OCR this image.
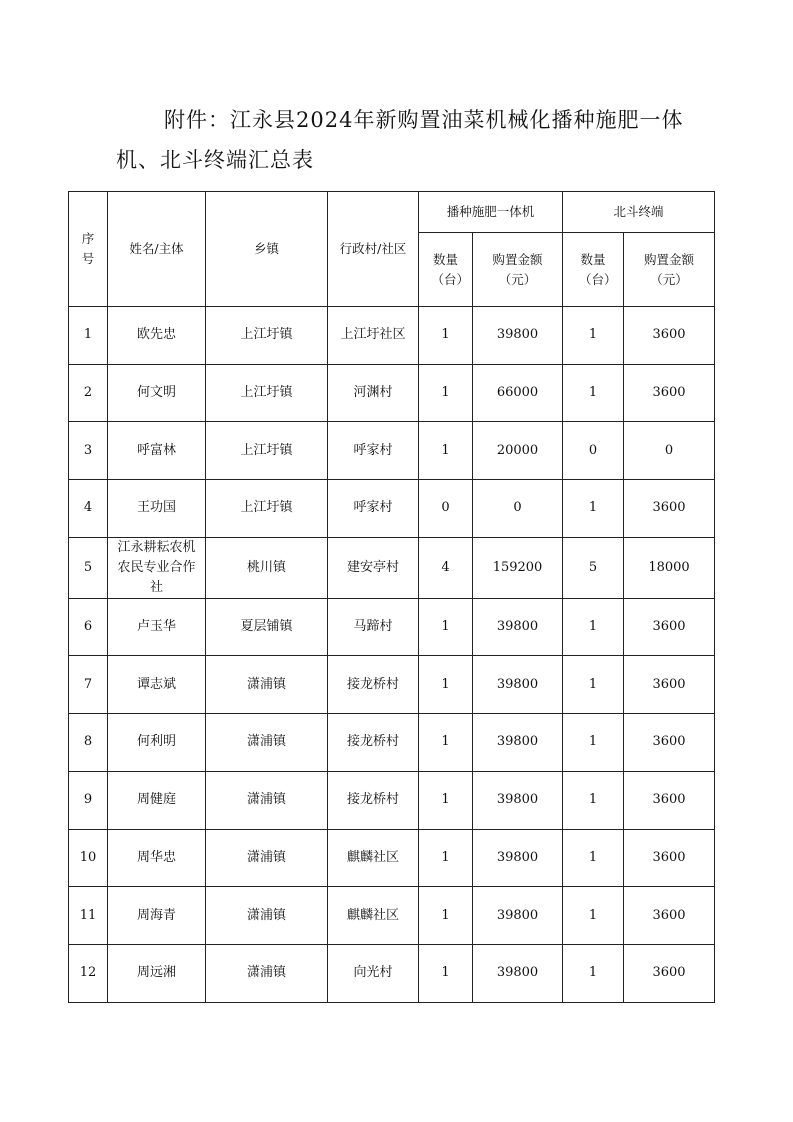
附件：江永县2024年新购置油菜机械化播种施肥一体
机、北斗终端汇总表
序号	姓名/主体	乡镇	行政村/社区	播种施肥一体机		北斗终端	

				数量（台）	购置金额（元）	数量（台）	购置金额（元）

1	欧先忠	上江圩镇	上江圩社区	1	39800	1	3600
2	何文明	上江圩镇	河渊村	1	66000	1	3600
3	呼富林	上江圩镇	呼家村	1	20000	0	0
4	王功国	上江圩镇	呼家村	0	0	1	3600
5	江永耕耘农机农民专业合作社	桃川镇	建安亭村	4	159200	5	18000
6	卢玉华	夏层铺镇	马蹄村	1	39800	1	3600
7	谭志斌	潇浦镇	接龙桥村	1	39800	1	3600
8	何利明	潇浦镇	接龙桥村	1	39800	1	3600
9	周健庭	潇浦镇	接龙桥村	1	39800	1	3600
10	周华忠	潇浦镇	麒麟社区	1	39800	1	3600
11	周海青	潇浦镇	麒麟社区	1	39800	1	3600
12	周远湘	潇浦镇	向光村	1	39800	1	3600
